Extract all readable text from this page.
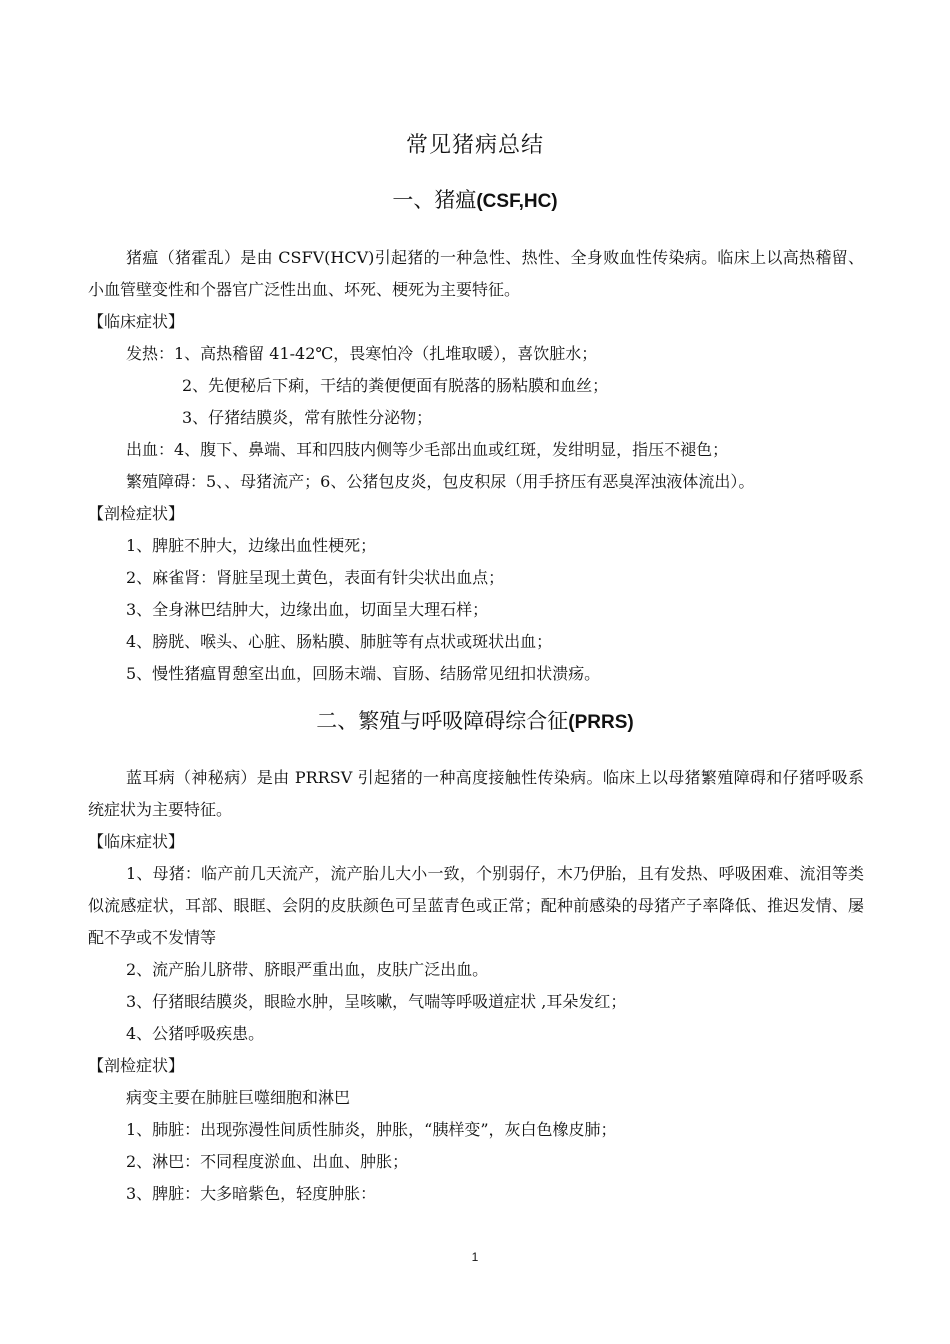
常见猪病总结
一、猪瘟(CSF,HC)

猪瘟（猪霍乱）是由 CSFV(HCV)引起猪的一种急性、热性、全身败血性传染病。临床上以高热稽留、小血管壁变性和个器官广泛性出血、坏死、梗死为主要特征。

【临床症状】
发热：1、高热稽留 41-42℃，畏寒怕冷（扎堆取暖），喜饮脏水；
2、先便秘后下痢，干结的粪便便面有脱落的肠粘膜和血丝；
3、仔猪结膜炎，常有脓性分泌物；
出血：4、腹下、鼻端、耳和四肢内侧等少毛部出血或红斑，发绀明显，指压不褪色；
繁殖障碍：5、、母猪流产；6、公猪包皮炎，包皮积尿（用手挤压有恶臭浑浊液体流出）。
【剖检症状】
1、脾脏不肿大，边缘出血性梗死；
2、麻雀肾：肾脏呈现土黄色，表面有针尖状出血点；
3、全身淋巴结肿大，边缘出血，切面呈大理石样；
4、膀胱、喉头、心脏、肠粘膜、肺脏等有点状或斑状出血；
5、慢性猪瘟胃憩室出血，回肠末端、盲肠、结肠常见纽扣状溃疡。
二、繁殖与呼吸障碍综合征(PRRS)

蓝耳病（神秘病）是由 PRRSV 引起猪的一种高度接触性传染病。临床上以母猪繁殖障碍和仔猪呼吸系统症状为主要特征。

【临床症状】

1、母猪：临产前几天流产，流产胎儿大小一致，个别弱仔，木乃伊胎，且有发热、呼吸困难、流泪等类似流感症状，耳部、眼眶、会阴的皮肤颜色可呈蓝青色或正常；配种前感染的母猪产子率降低、推迟发情、屡配不孕或不发情等

2、流产胎儿脐带、脐眼严重出血，皮肤广泛出血。
3、仔猪眼结膜炎，眼睑水肿，呈咳嗽，气喘等呼吸道症状 ,耳朵发红；
4、公猪呼吸疾患。
【剖检症状】
病变主要在肺脏巨噬细胞和淋巴
1、肺脏：出现弥漫性间质性肺炎，肿胀，“胰样变”，灰白色橡皮肺；
2、淋巴：不同程度淤血、出血、肿胀；
3、脾脏：大多暗紫色，轻度肿胀：
1
